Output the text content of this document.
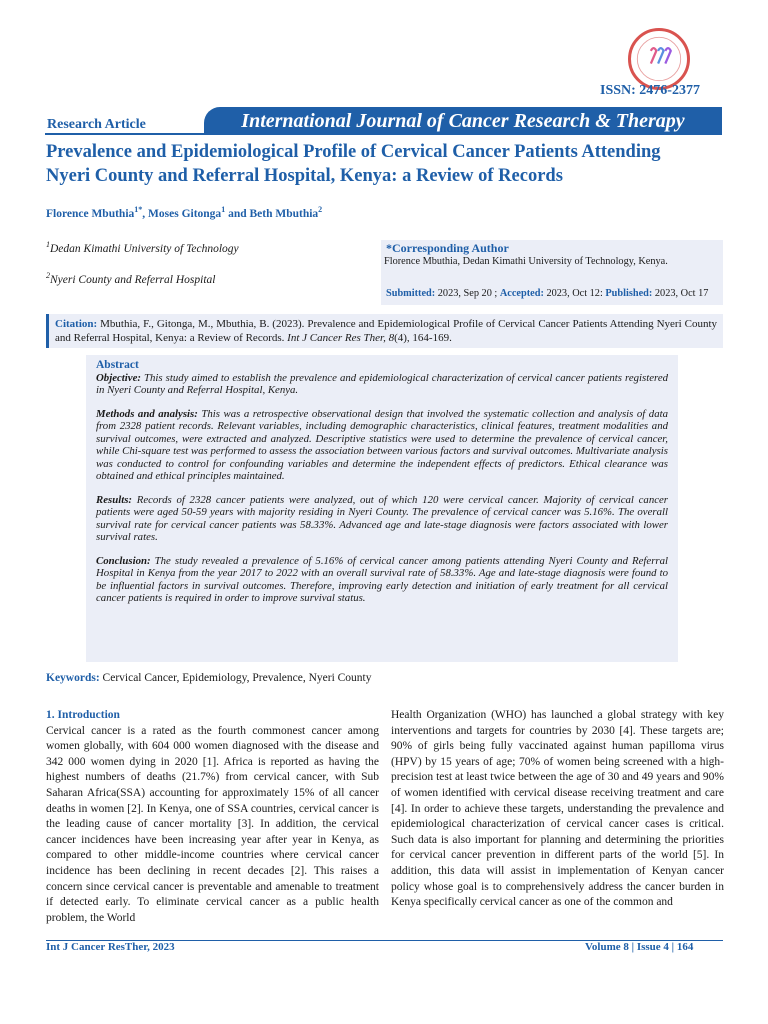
ISSN: 2476-2377
Research Article	International Journal of Cancer Research & Therapy
Prevalence and Epidemiological Profile of Cervical Cancer Patients Attending
Nyeri County and Referral Hospital, Kenya: a Review of Records
Florence Mbuthia$^{1*}$, Moses Gitonga$^1$ and Beth Mbuthia$^2$
$^1$Dedan Kimathi University of Technology
$^2$Nyeri County and Referral Hospital
*Corresponding Author
Florence Mbuthia, Dedan Kimathi University of Technology, Kenya.
Submitted: 2023, Sep 20 ; Accepted: 2023, Oct 12: Published: 2023, Oct 17
Citation: Mbuthia, F., Gitonga, M., Mbuthia, B. (2023). Prevalence and Epidemiological Profile of Cervical Cancer Patients Attending Nyeri County and Referral Hospital, Kenya: a Review of Records. Int J Cancer Res Ther, 8(4), 164-169.
Abstract

Objective: This study aimed to establish the prevalence and epidemiological characterization of cervical cancer patients registered in Nyeri County and Referral Hospital, Kenya.

Methods and analysis: This was a retrospective observational design that involved the systematic collection and analysis of data from 2328 patient records. Relevant variables, including demographic characteristics, clinical features, treatment modalities and survival outcomes, were extracted and analyzed. Descriptive statistics were used to determine the prevalence of cervical cancer, while Chi-square test was performed to assess the association between various factors and survival outcomes. Multivariate analysis was conducted to control for confounding variables and determine the independent effects of predictors. Ethical clearance was obtained and ethical principles maintained.

Results: Records of 2328 cancer patients were analyzed, out of which 120 were cervical cancer. Majority of cervical cancer patients were aged 50-59 years with majority residing in Nyeri County. The prevalence of cervical cancer was 5.16%. The overall survival rate for cervical cancer patients was 58.33%. Advanced age and late-stage diagnosis were factors associated with lower survival rates.

Conclusion: The study revealed a prevalence of 5.16% of cervical cancer among patients attending Nyeri County and Referral Hospital in Kenya from the year 2017 to 2022 with an overall survival rate of 58.33%. Age and late-stage diagnosis were found to be influential factors in survival outcomes. Therefore, improving early detection and initiation of early treatment for all cervical cancer patients is required in order to improve survival status.

Keywords: Cervical Cancer, Epidemiology, Prevalence, Nyeri County
1. Introduction
Cervical cancer is a rated as the fourth commonest cancer among women globally, with 604 000 women diagnosed with the disease and 342 000 women dying in 2020 [1]. Africa is reported as having the highest numbers of deaths (21.7%) from cervical cancer, with Sub Saharan Africa(SSA) accounting for approximately 15% of all cancer deaths in women [2]. In Kenya, one of SSA countries, cervical cancer is the leading cause of cancer mortality [3]. In addition, the cervical cancer incidences have been increasing year after year in Kenya, as compared to other middle-income countries where cervical cancer incidence has been declining in recent decades [2]. This raises a concern since cervical cancer is preventable and amenable to treatment if detected early. To eliminate cervical cancer as a public health problem, the World
Health Organization (WHO) has launched a global strategy with key interventions and targets for countries by 2030 [4]. These targets are; 90% of girls being fully vaccinated against human papilloma virus (HPV) by 15 years of age; 70% of women being screened with a high-precision test at least twice between the age of 30 and 49 years and 90% of women identified with cervical disease receiving treatment and care [4]. In order to achieve these targets, understanding the prevalence and epidemiological characterization of cervical cancer cases is critical. Such data is also important for planning and determining the priorities for cervical cancer prevention in different parts of the world [5]. In addition, this data will assist in implementation of Kenyan cancer policy whose goal is to comprehensively address the cancer burden in Kenya specifically cervical cancer as one of the common and
Int J Cancer ResTher, 2023	Volume 8 | Issue 4 | 164
